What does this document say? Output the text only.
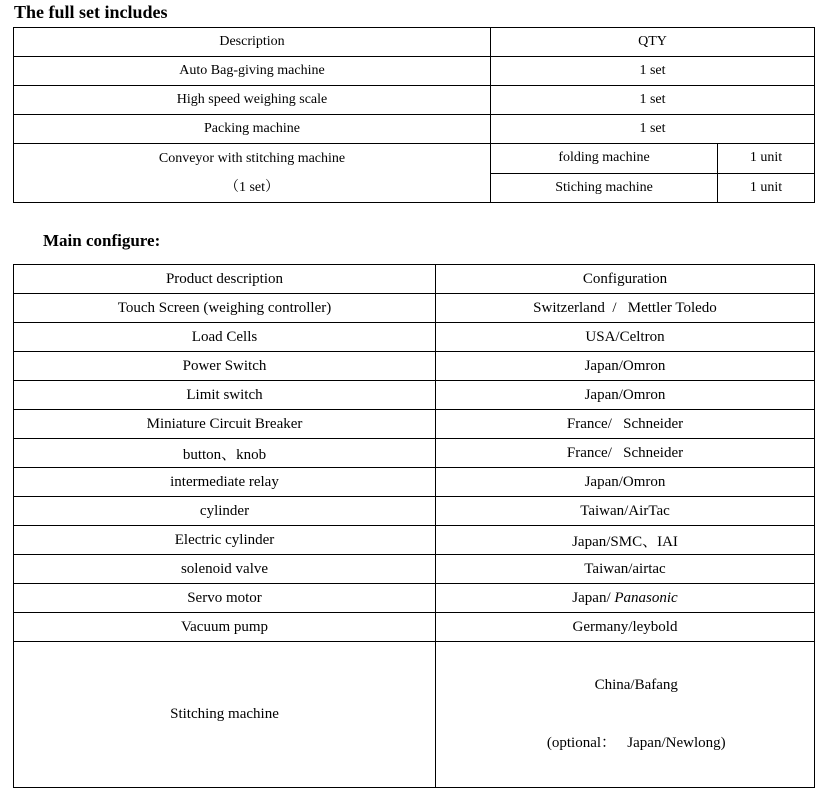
The full set includes
Description	QTY	
Auto Bag-giving machine	1 set	
High speed weighing scale	1 set	
Packing machine	1 set	
Conveyor with stitching machine
（1 set）	folding machine	1 unit
	Stiching machine	1 unit
Main configure:
Product description	Configuration
Touch Screen (weighing controller)	Switzerland  /   Mettler Toledo
Load Cells	USA/Celtron
Power Switch	Japan/Omron
Limit switch	Japan/Omron
Miniature Circuit Breaker	France/   Schneider
button、knob	France/   Schneider
intermediate relay	Japan/Omron
cylinder	Taiwan/AirTac
Electric cylinder	Japan/SMC、IAI
solenoid valve	Taiwan/airtac
Servo motor	Japan/ Panasonic
Vacuum pump	Germany/leybold
Stitching machine	China/Bafang

(optional：   Japan/Newlong)
